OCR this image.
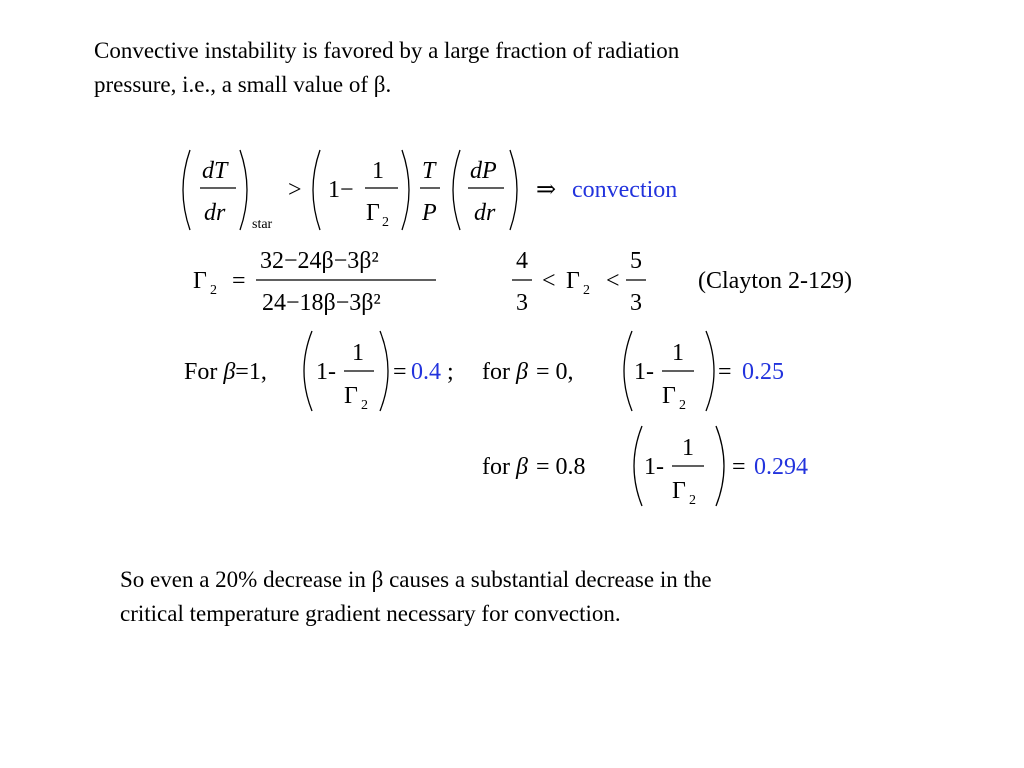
Convective instability is favored by a large fraction of radiation
pressure, i.e., a small value of β.
dT
dr star
> 1−
1
Γ 2
T
P
dP
dr
⇒ convection
Γ 2 =
32−24β−3β²
24−18β−3β²
4
3
< Γ 2 <
5
3
(Clayton 2-129)
For β=1, 1-
1
Γ 2
= 0.4 ; for β = 0,	1-
1
Γ 2
= 0.25
for β = 0.8 1-
1
Γ 2
= 0.294
So even a 20% decrease in β causes a substantial decrease in the
critical temperature gradient necessary for convection.
